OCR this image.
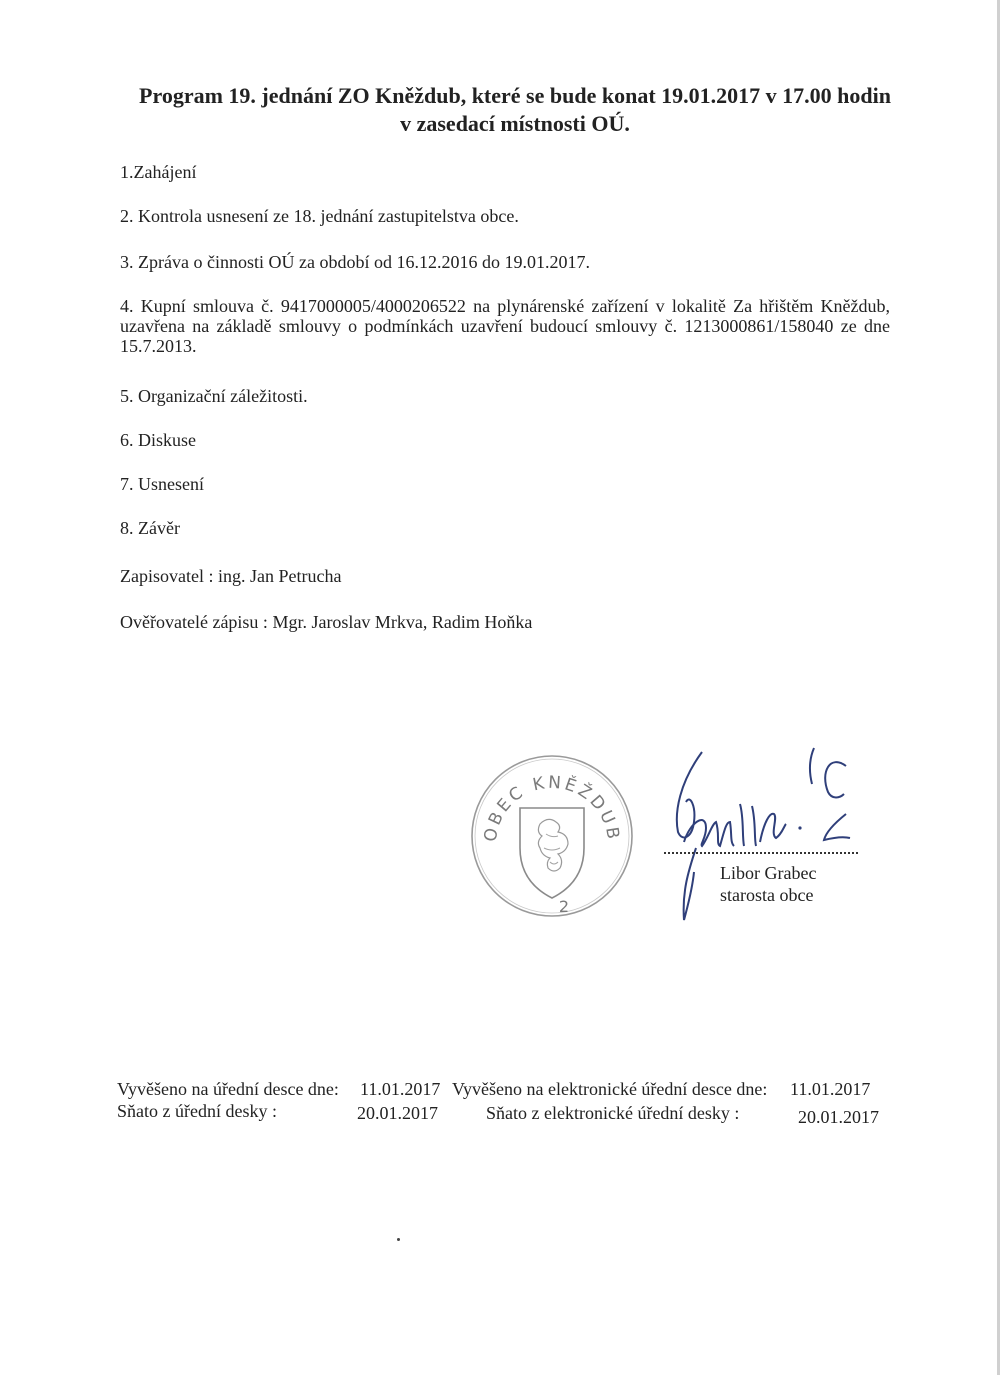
Program 19. jednání ZO Kněždub, které se bude konat 19.01.2017 v 17.00 hodin
v zasedací místnosti OÚ.
1.Zahájení
2. Kontrola usnesení ze 18. jednání zastupitelstva obce.
3. Zpráva o činnosti OÚ za období od 16.12.2016 do 19.01.2017.
4. Kupní smlouva č. 9417000005/4000206522 na plynárenské zařízení v lokalitě Za hřištěm Kněždub, uzavřena na základě smlouvy o podmínkách uzavření budoucí smlouvy č. 1213000861/158040 ze dne 15.7.2013.
5. Organizační záležitosti.
6. Diskuse
7. Usnesení
8. Závěr
Zapisovatel : ing. Jan Petrucha
Ověřovatelé zápisu : Mgr. Jaroslav Mrkva, Radim Hoňka
OBEC KNĚŽDUB
2
Libor Grabec
starosta obce
Vyvěšeno na úřední desce dne: 11.01.2017 Vyvěšeno na elektronické úřední desce dne: 11.01.2017
Sňato z úřední desky :	20.01.2017	Sňato z elektronické úřední desky :	20.01.2017
